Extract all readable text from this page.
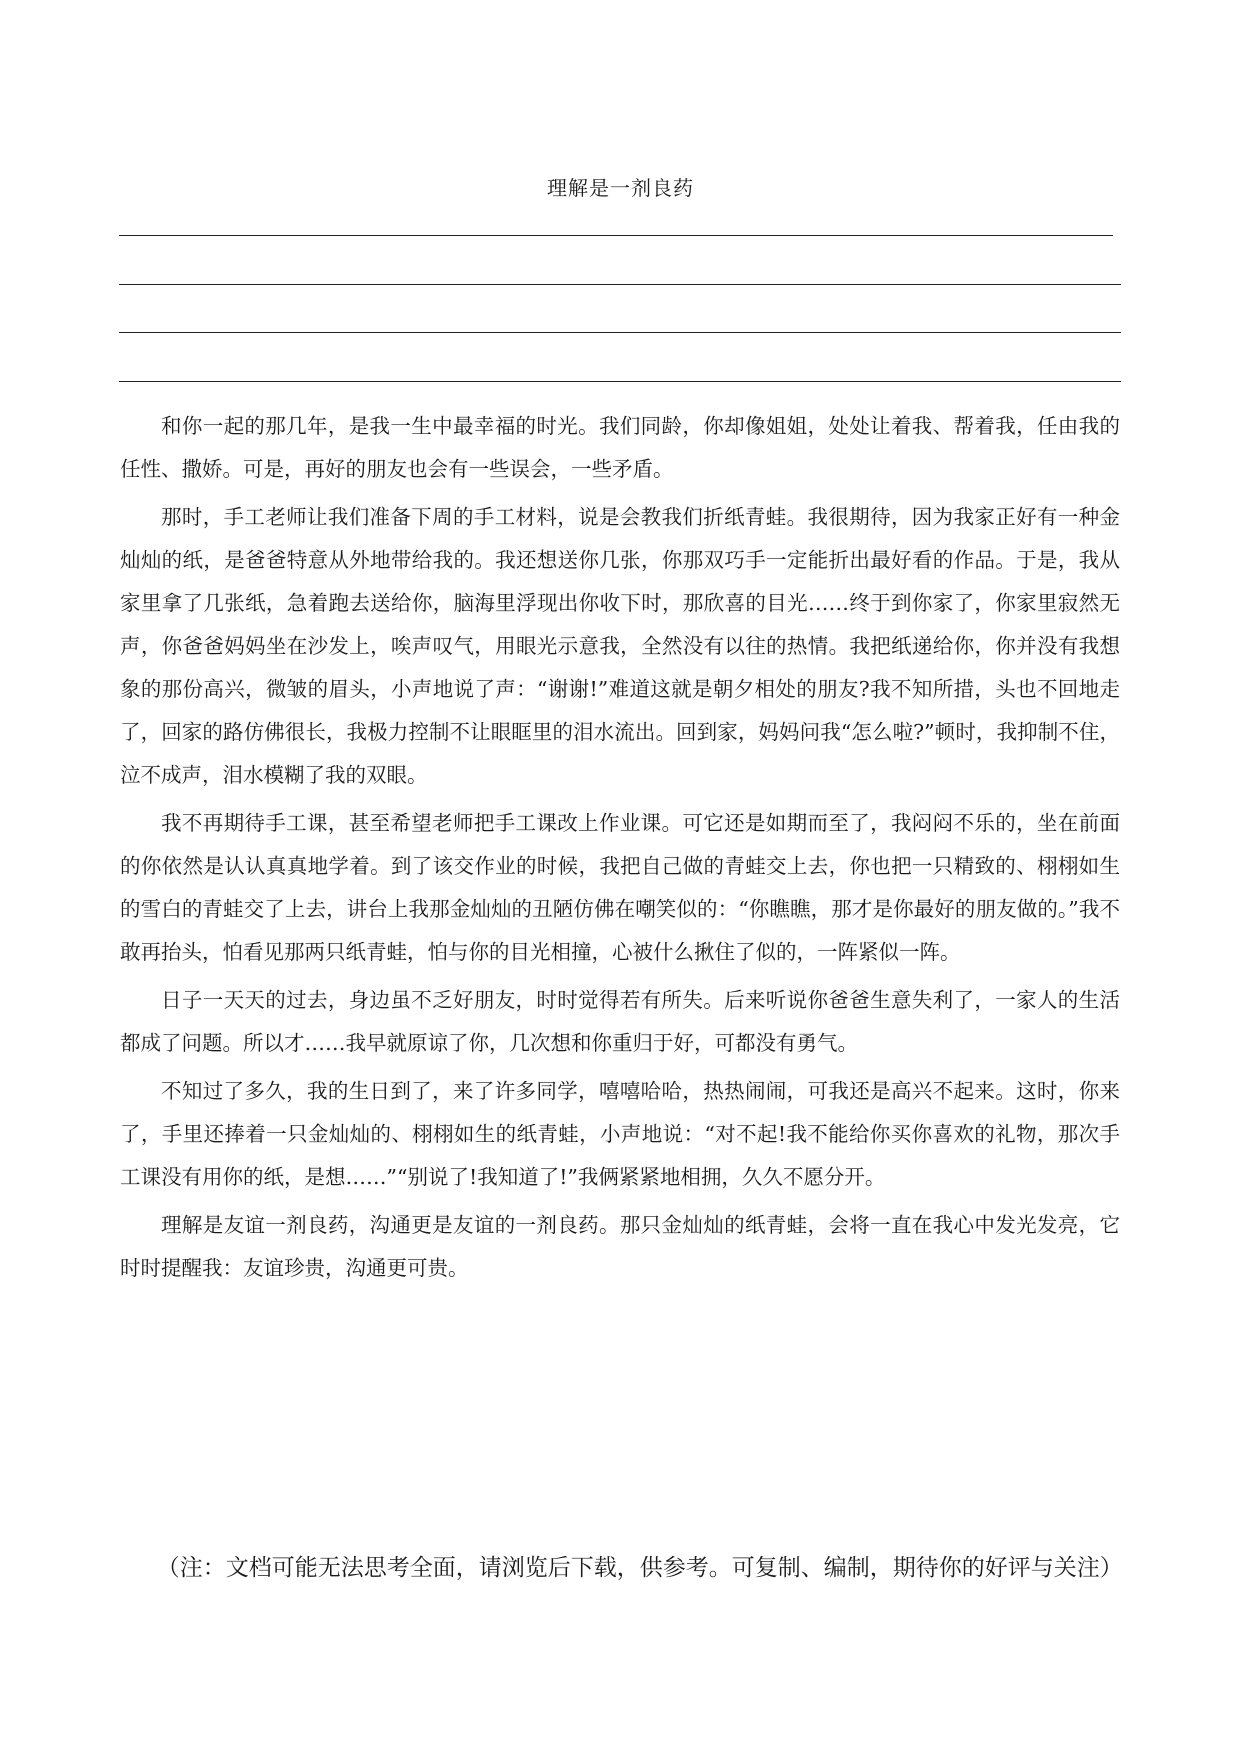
理解是一剂良药

和你一起的那几年，是我一生中最幸福的时光。我们同龄，你却像姐姐，处处让着我、帮着我，任由我的任性、撒娇。可是，再好的朋友也会有一些误会，一些矛盾。

那时，手工老师让我们准备下周的手工材料，说是会教我们折纸青蛙。我很期待，因为我家正好有一种金灿灿的纸，是爸爸特意从外地带给我的。我还想送你几张，你那双巧手一定能折出最好看的作品。于是，我从家里拿了几张纸，急着跑去送给你，脑海里浮现出你收下时，那欣喜的目光……终于到你家了，你家里寂然无声，你爸爸妈妈坐在沙发上，唉声叹气，用眼光示意我，全然没有以往的热情。我把纸递给你，你并没有我想象的那份高兴，微皱的眉头，小声地说了声：“谢谢!”难道这就是朝夕相处的朋友?我不知所措，头也不回地走了，回家的路仿佛很长，我极力控制不让眼眶里的泪水流出。回到家，妈妈问我“怎么啦?”顿时，我抑制不住，泣不成声，泪水模糊了我的双眼。

我不再期待手工课，甚至希望老师把手工课改上作业课。可它还是如期而至了，我闷闷不乐的，坐在前面的你依然是认认真真地学着。到了该交作业的时候，我把自己做的青蛙交上去，你也把一只精致的、栩栩如生的雪白的青蛙交了上去，讲台上我那金灿灿的丑陋仿佛在嘲笑似的：“你瞧瞧，那才是你最好的朋友做的。”我不敢再抬头，怕看见那两只纸青蛙，怕与你的目光相撞，心被什么揪住了似的，一阵紧似一阵。

日子一天天的过去，身边虽不乏好朋友，时时觉得若有所失。后来听说你爸爸生意失利了，一家人的生活都成了问题。所以才……我早就原谅了你，几次想和你重归于好，可都没有勇气。

不知过了多久，我的生日到了，来了许多同学，嘻嘻哈哈，热热闹闹，可我还是高兴不起来。这时，你来了，手里还捧着一只金灿灿的、栩栩如生的纸青蛙，小声地说：“对不起!我不能给你买你喜欢的礼物，那次手工课没有用你的纸，是想……”“别说了!我知道了!”我俩紧紧地相拥，久久不愿分开。

理解是友谊一剂良药，沟通更是友谊的一剂良药。那只金灿灿的纸青蛙，会将一直在我心中发光发亮，它时时提醒我：友谊珍贵，沟通更可贵。

（注：文档可能无法思考全面，请浏览后下载，供参考。可复制、编制，期待你的好评与关注）
